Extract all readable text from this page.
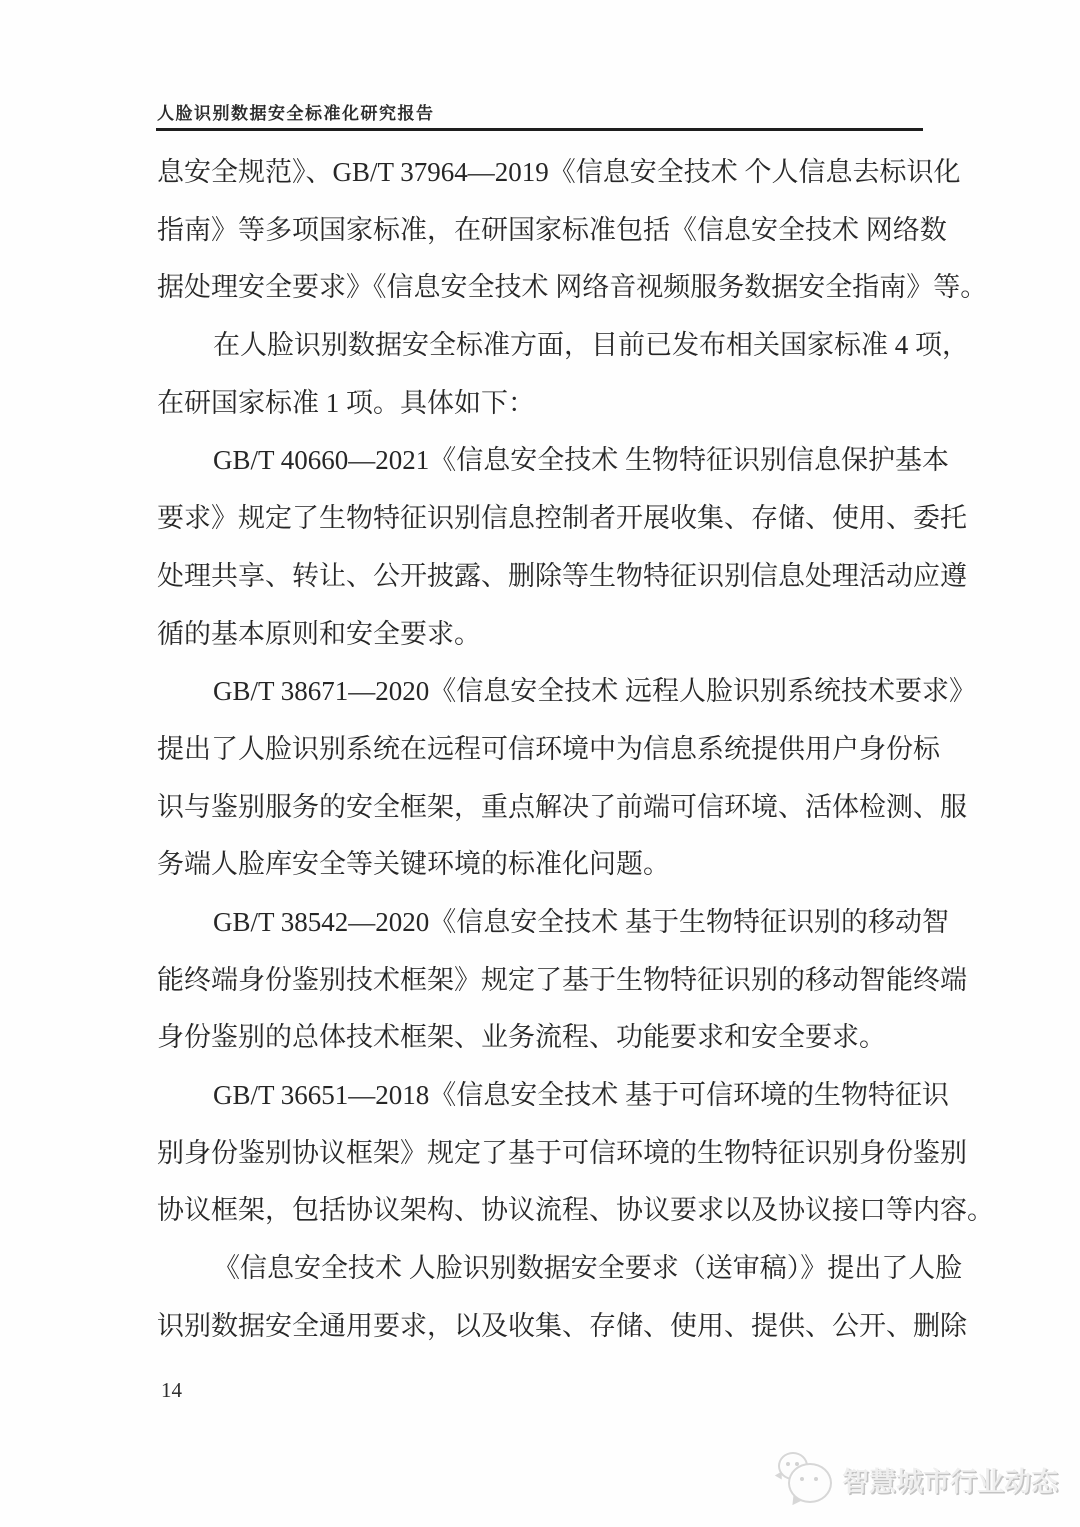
人脸识别数据安全标准化研究报告
息安全规范》、GB/T 37964—2019《信息安全技术 个人信息去标识化
指南》等多项国家标准，在研国家标准包括《信息安全技术 网络数
据处理安全要求》《信息安全技术 网络音视频服务数据安全指南》等。
在人脸识别数据安全标准方面，目前已发布相关国家标准 4 项，
在研国家标准 1 项。具体如下：
GB/T 40660—2021《信息安全技术 生物特征识别信息保护基本
要求》规定了生物特征识别信息控制者开展收集、存储、使用、委托
处理共享、转让、公开披露、删除等生物特征识别信息处理活动应遵
循的基本原则和安全要求。
GB/T 38671—2020《信息安全技术 远程人脸识别系统技术要求》
提出了人脸识别系统在远程可信环境中为信息系统提供用户身份标
识与鉴别服务的安全框架，重点解决了前端可信环境、活体检测、服
务端人脸库安全等关键环境的标准化问题。
GB/T 38542—2020《信息安全技术 基于生物特征识别的移动智
能终端身份鉴别技术框架》规定了基于生物特征识别的移动智能终端
身份鉴别的总体技术框架、业务流程、功能要求和安全要求。
GB/T 36651—2018《信息安全技术 基于可信环境的生物特征识
别身份鉴别协议框架》规定了基于可信环境的生物特征识别身份鉴别
协议框架，包括协议架构、协议流程、协议要求以及协议接口等内容。
《信息安全技术 人脸识别数据安全要求（送审稿）》提出了人脸
识别数据安全通用要求，以及收集、存储、使用、提供、公开、删除
14
智慧城市行业动态
